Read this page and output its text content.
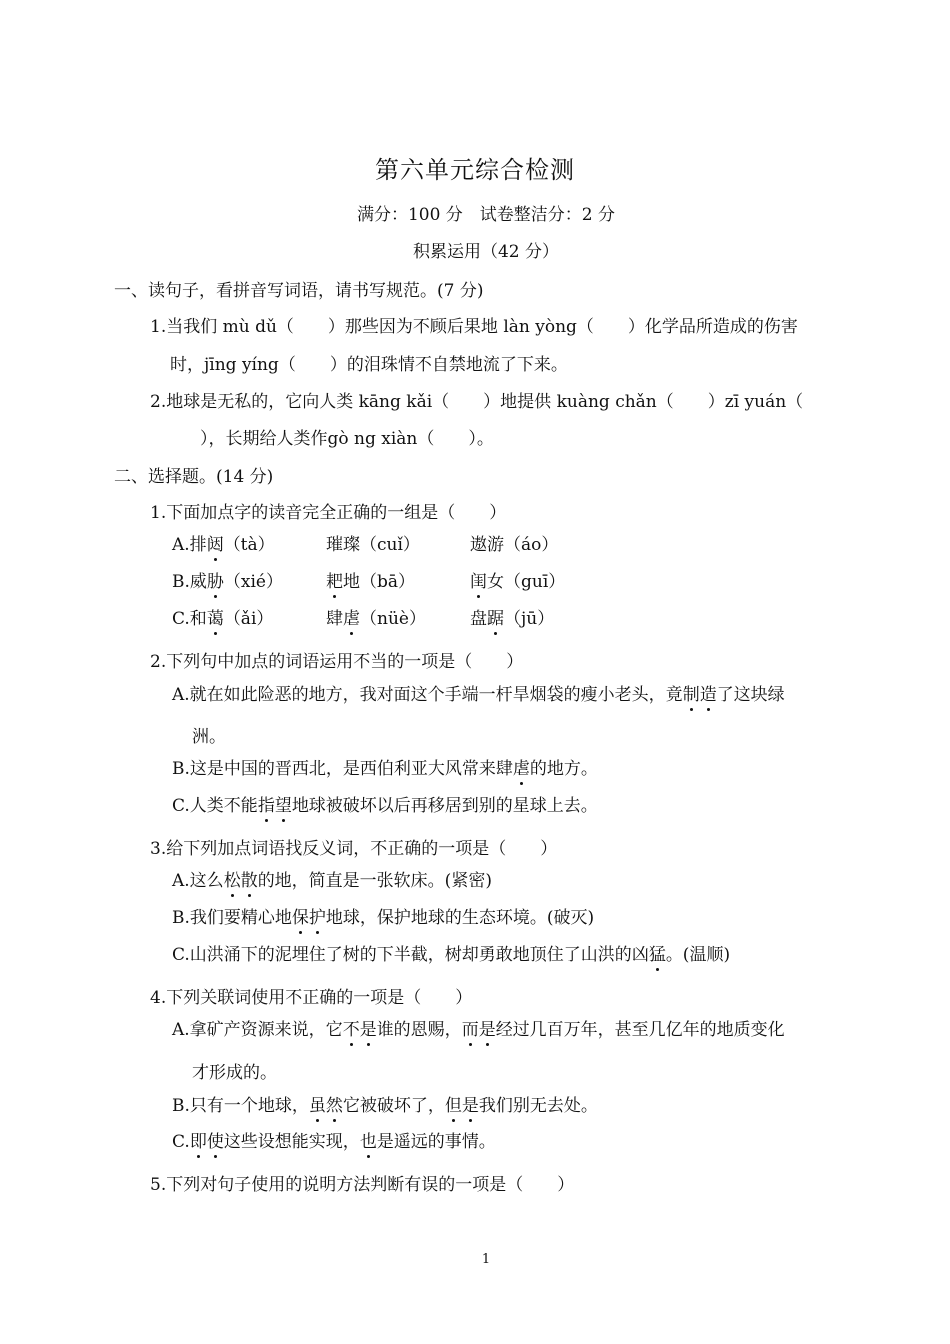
第六单元综合检测
满分：100 分　试卷整洁分：2 分
积累运用（42 分）
一、读句子，看拼音写词语，请书写规范。(7 分)
1.当我们 mù dǔ（　　）那些因为不顾后果地 làn yòng（　　）化学品所造成的伤害
时，jīng yíng（　　）的泪珠情不自禁地流了下来。
2.地球是无私的，它向人类 kāng kǎi（　　）地提供 kuàng chǎn（　　）zī yuán（
），长期给人类作gò ng xiàn（　　）。
二、选择题。(14 分)
1.下面加点字的读音完全正确的一组是（　　）
A.排闼（tà）	璀璨（cuǐ）	遨游（áo）
B.威胁（xié）	耙地（bā）	闺女（guī）
C.和蔼（ǎi）	肆虐（nüè）	盘踞（jū）
2.下列句中加点的词语运用不当的一项是（　　）
A.就在如此险恶的地方，我对面这个手端一杆旱烟袋的瘦小老头，竟制造了这块绿
洲。
B.这是中国的晋西北，是西伯利亚大风常来肆虐的地方。
C.人类不能指望地球被破坏以后再移居到别的星球上去。
3.给下列加点词语找反义词，不正确的一项是（　　）
A.这么松散的地，简直是一张软床。(紧密)
B.我们要精心地保护地球，保护地球的生态环境。(破灭)
C.山洪涌下的泥埋住了树的下半截，树却勇敢地顶住了山洪的凶猛。(温顺)
4.下列关联词使用不正确的一项是（　　）
A.拿矿产资源来说，它不是谁的恩赐，而是经过几百万年，甚至几亿年的地质变化
才形成的。
B.只有一个地球，虽然它被破坏了，但是我们别无去处。
C.即使这些设想能实现，也是遥远的事情。
5.下列对句子使用的说明方法判断有误的一项是（　　）
1
